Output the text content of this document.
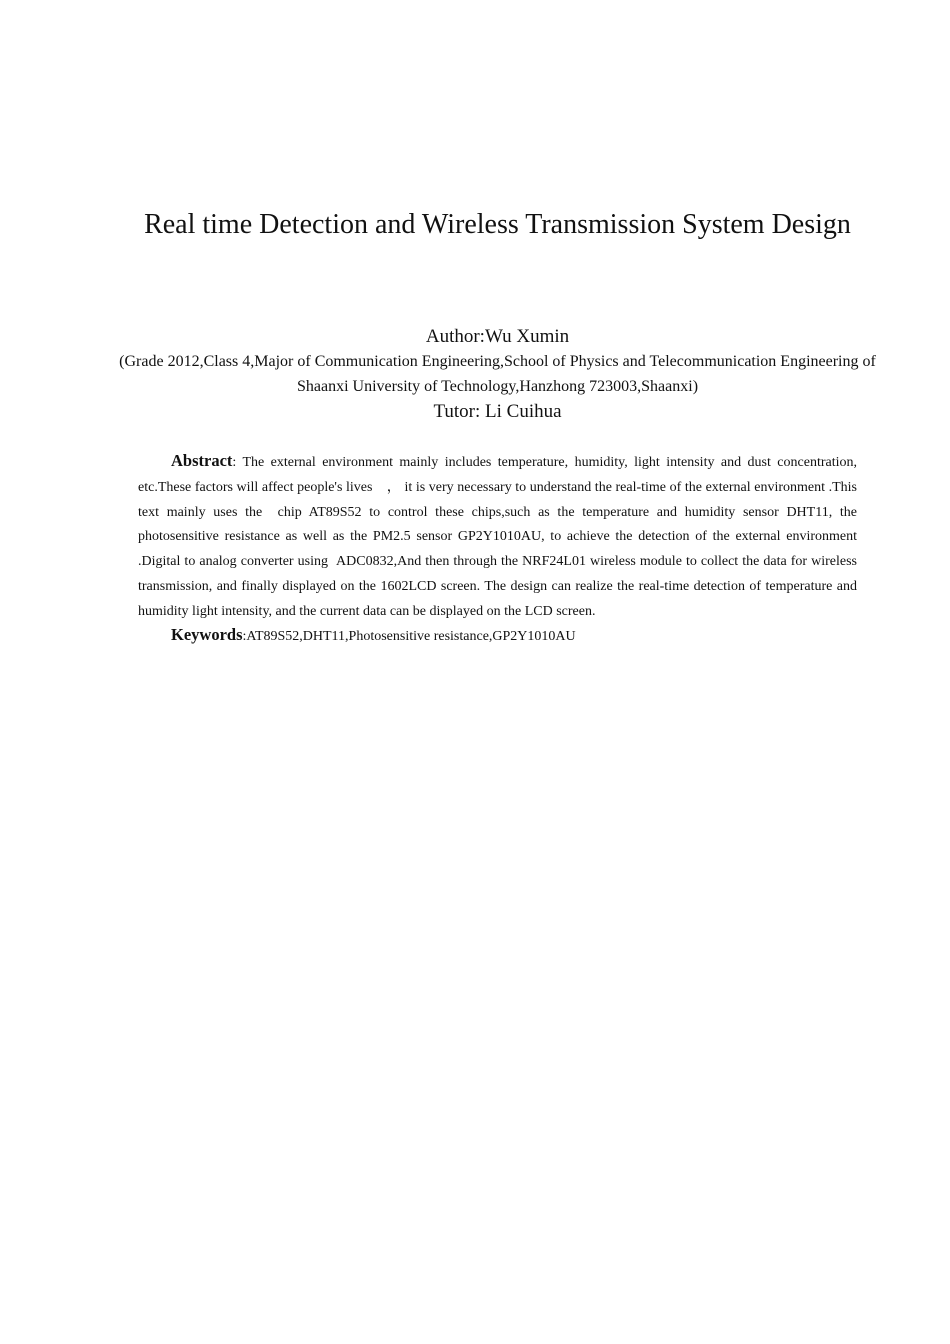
Real time Detection and Wireless Transmission System Design
Author:Wu Xumin
(Grade 2012,Class 4,Major of Communication Engineering,School of Physics and Telecommunication Engineering of Shaanxi University of Technology,Hanzhong 723003,Shaanxi)
Tutor: Li Cuihua

Abstract: The external environment mainly includes temperature, humidity, light intensity and dust concentration, etc.These factors will affect people's lives    ， it is very necessary to understand the real-time of the external environment .This text mainly uses the  chip AT89S52 to control these chips,such as the temperature and humidity sensor DHT11, the photosensitive resistance as well as the PM2.5 sensor GP2Y1010AU, to achieve the detection of the external environment .Digital to analog converter using  ADC0832,And then through the NRF24L01 wireless module to collect the data for wireless transmission, and finally displayed on the 1602LCD screen. The design can realize the real-time detection of temperature and humidity light intensity, and the current data can be displayed on the LCD screen.

Keywords:AT89S52,DHT11,Photosensitive resistance,GP2Y1010AU
